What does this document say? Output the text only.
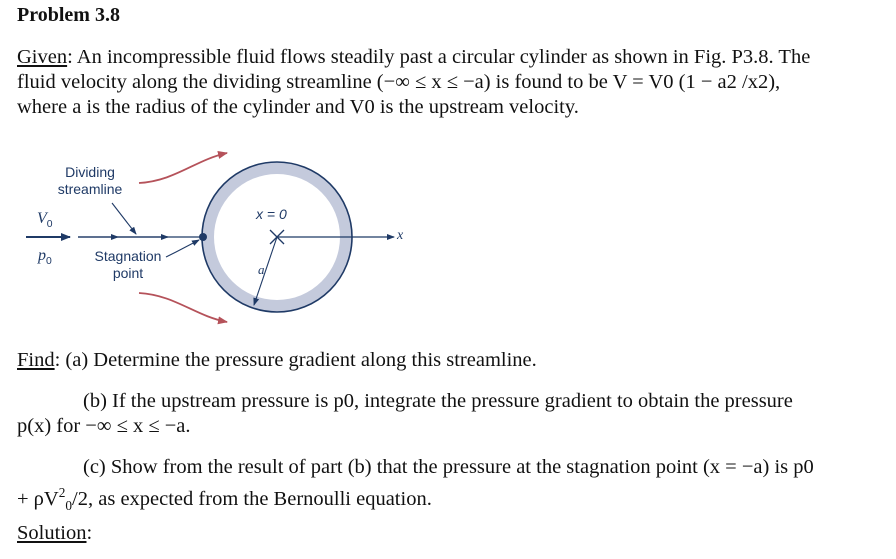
Problem 3.8
Given: An incompressible fluid flows steadily past a circular cylinder as shown in Fig. P3.8. The
fluid velocity along the dividing streamline (−∞ ≤ x ≤ −a) is found to be V = V0 (1 − a2 /x2),
where a is the radius of the cylinder and V0 is the upstream velocity.
Dividing
streamline
$V_0$
$p_0$	Stagnation
point
x = 0
a
x
Find: (a) Determine the pressure gradient along this streamline.
(b) If the upstream pressure is p0, integrate the pressure gradient to obtain the pressure
p(x) for −∞ ≤ x ≤ −a.
(c) Show from the result of part (b) that the pressure at the stagnation point (x = −a) is p0
+ $\rho V^2_0/2$, as expected from the Bernoulli equation.
Solution:
